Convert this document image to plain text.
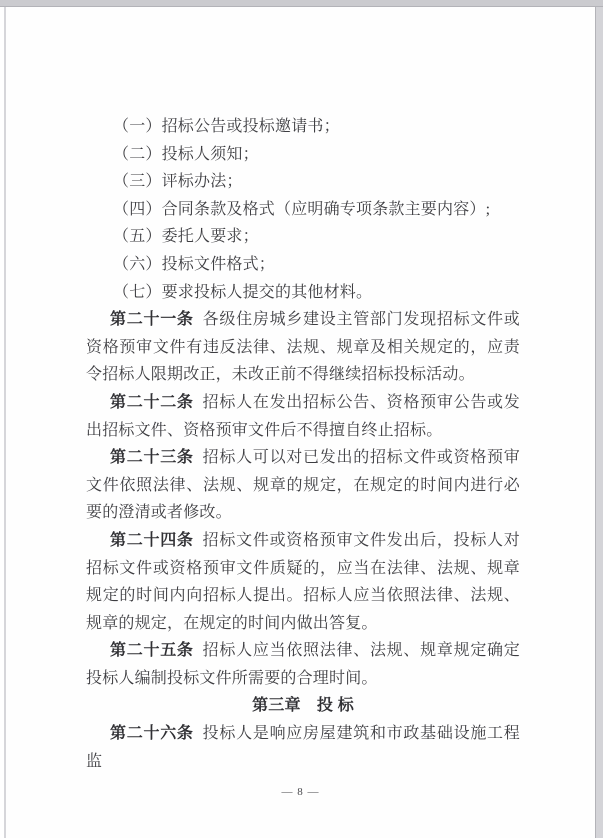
（一）招标公告或投标邀请书；

（二）投标人须知；

（三）评标办法；

（四）合同条款及格式（应明确专项条款主要内容）;

（五）委托人要求；

（六）投标文件格式；

（七）要求投标人提交的其他材料。

第二十一条 各级住房城乡建设主管部门发现招标文件或资格预审文件有违反法律、法规、规章及相关规定的，应责令招标人限期改正，未改正前不得继续招标投标活动。

第二十二条 招标人在发出招标公告、资格预审公告或发出招标文件、资格预审文件后不得擅自终止招标。

第二十三条 招标人可以对已发出的招标文件或资格预审文件依照法律、法规、规章的规定，在规定的时间内进行必要的澄清或者修改。

第二十四条 招标文件或资格预审文件发出后，投标人对招标文件或资格预审文件质疑的，应当在法律、法规、规章规定的时间内向招标人提出。招标人应当依照法律、法规、规章的规定，在规定的时间内做出答复。

第二十五条 招标人应当依照法律、法规、规章规定确定投标人编制投标文件所需要的合理时间。

第三章　投 标

第二十六条 投标人是响应房屋建筑和市政基础设施工程监

— 8 —
